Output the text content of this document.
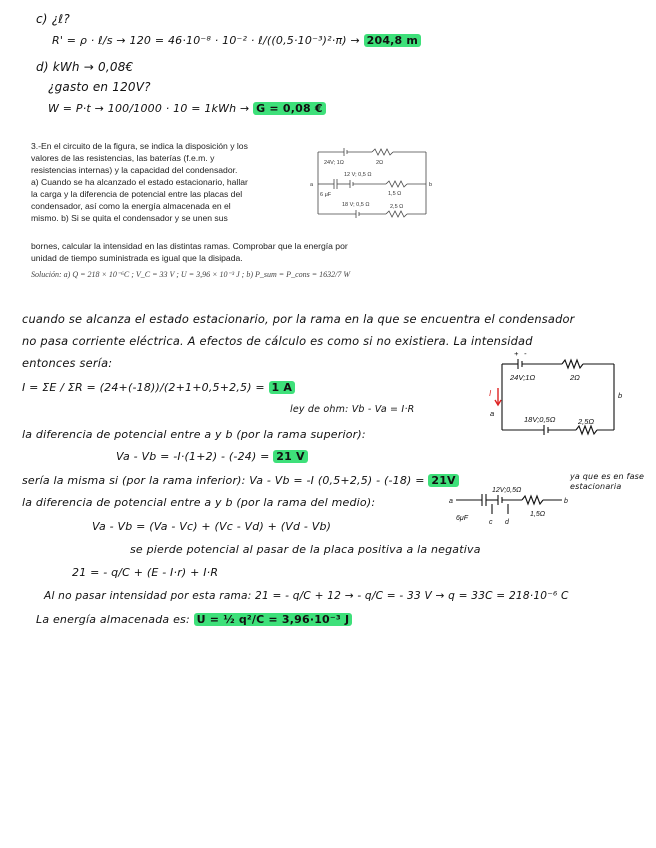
c) ¿ℓ?
R' = ρ · ℓ/s → 120 = 46·10⁻⁸ · 10⁻² · ℓ/((0,5·10⁻³)²·π) → 204,8 m
d) kWh → 0,08€
¿gasto en 120V?
W = P·t → 100/1000 · 10 = 1kWh → G = 0,08 €
3.-En el circuito de la figura, se indica la disposición y los
valores de las resistencias, las baterías (f.e.m. y
resistencias internas) y la capacidad del condensador.
a) Cuando se ha alcanzado el estado estacionario, hallar
la carga y la diferencia de potencial entre las placas del
condensador, así como la energía almacenada en el
mismo. b) Si se quita el condensador y se unen sus
bornes, calcular la intensidad en las distintas ramas. Comprobar que la energía por
unidad de tiempo suministrada es igual que la disipada.
Solución: a) Q = 218 × 10⁻⁶C ; V_C = 33 V ; U = 3,96 × 10⁻³ J ; b) P_sum = P_cons = 1632/7 W
24V; 1Ω	2Ω
12 V; 0,5 Ω
1,5 Ω
6 μF
18 V; 0,5 Ω	2,5 Ω
a	b
cuando se alcanza el estado estacionario, por la rama en la que se encuentra el condensador
no pasa corriente eléctrica. A efectos de cálculo es como si no existiera. La intensidad
entonces sería:
I = ΣE / ΣR = (24+(-18))/(2+1+0,5+2,5) = 1 A
ley de ohm: Vb - Va = I·R
la diferencia de potencial entre a y b (por la rama superior):
Va - Vb = -I·(1+2) - (-24) = 21 V
sería la misma si (por la rama inferior): Va - Vb = -I (0,5+2,5) - (-18) = 21V	ya que es en fase estacionaria
la diferencia de potencial entre a y b (por la rama del medio):
Va - Vb = (Va - Vc) + (Vc - Vd) + (Vd - Vb)
se pierde potencial al pasar de la placa positiva a la negativa
21 = - q/C + (E - I·r) + I·R
Al no pasar intensidad por esta rama: 21 = - q/C + 12 → - q/C = - 33 V → q = 33C = 218·10⁻⁶ C
La energía almacenada es: U = ½ q²/C = 3,96·10⁻³ J
24V;1Ω	2Ω
18V;0,5Ω	2,5Ω
+ -
a
b
I
12V;0,5Ω
1,5Ω
6μF
c d
a	b
